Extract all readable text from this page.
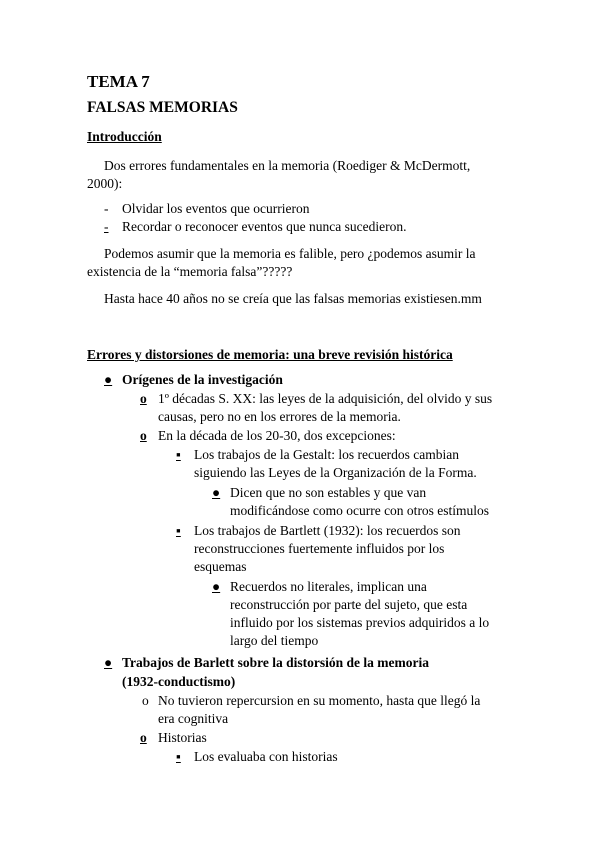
TEMA 7
FALSAS MEMORIAS
Introducción
Dos errores fundamentales en la memoria (Roediger & McDermott,
2000):
- Olvidar los eventos que ocurrieron
-	Recordar o reconocer eventos que nunca sucedieron.
Podemos asumir que la memoria es falible, pero ¿podemos asumir la
existencia de la “memoria falsa”?????
Hasta hace 40 años no se creía que las falsas memorias existiesen.mm
Errores y distorsiones de memoria: una breve revisión histórica
● Orígenes de la investigación
o 1º décadas S. XX: las leyes de la adquisición, del olvido y sus
causas, pero no en los errores de la memoria.
o En la década de los 20-30, dos excepciones:
▪ Los trabajos de la Gestalt: los recuerdos cambian
siguiendo las Leyes de la Organización de la Forma.
● Dicen que no son estables y que van
modificándose como ocurre con otros estímulos
▪ Los trabajos de Bartlett (1932): los recuerdos son
reconstrucciones fuertemente influidos por los
esquemas
● Recuerdos no literales, implican una
reconstrucción por parte del sujeto, que esta
influido por los sistemas previos adquiridos a lo
largo del tiempo
● Trabajos de Barlett sobre la distorsión de la memoria
(1932-conductismo)
o No tuvieron repercursion en su momento, hasta que llegó la
era cognitiva
o Historias
▪ Los evaluaba con historias
